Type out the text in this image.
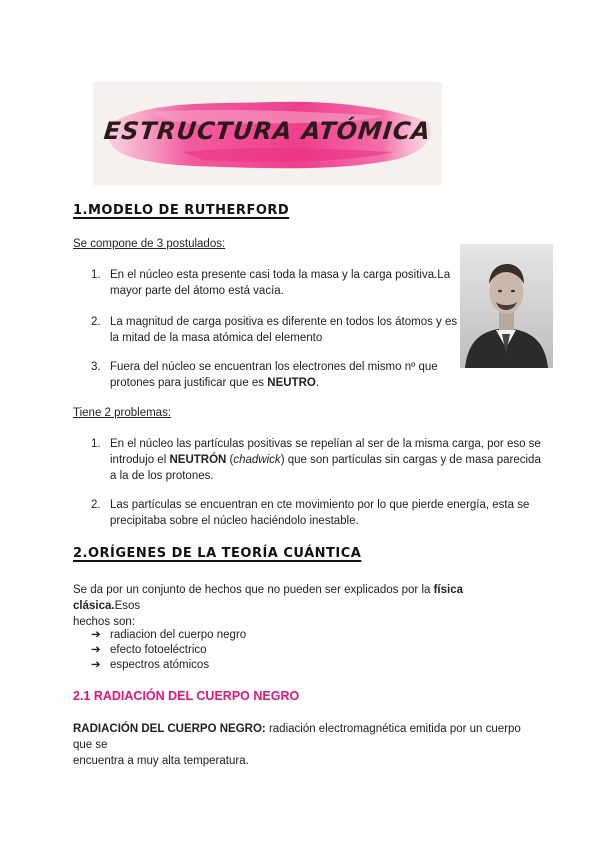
ESTRUCTURA ATÓMICA
1.MODELO DE RUTHERFORD
Se compone de 3 postulados:
1. En el núcleo esta presente casi toda la masa y la carga positiva.La
mayor parte del átomo está vacía.
2. La magnitud de carga positiva es diferente en todos los átomos y es
la mitad de la masa atómica del elemento
3. Fuera del núcleo se encuentran los electrones del mismo nº que
protones para justificar que es NEUTRO.
Tiene 2 problemas:
1. En el núcleo las partículas positivas se repelían al ser de la misma carga, por eso se
introdujo el NEUTRÓN (chadwick) que son partículas sin cargas y de masa parecida
a la de los protones.
2. Las partículas se encuentran en cte movimiento por lo que pierde energía, esta se
precipitaba sobre el núcleo haciéndolo inestable.
2.ORÍGENES DE LA TEORÍA CUÁNTICA
Se da por un conjunto de hechos que no pueden ser explicados por la física clásica.Esos
hechos son:
➔ radiacion del cuerpo negro
➔ efecto fotoeléctrico
➔ espectros atómicos
2.1 RADIACIÓN DEL CUERPO NEGRO
RADIACIÓN DEL CUERPO NEGRO: radiación electromagnética emitida por un cuerpo que se
encuentra a muy alta temperatura.
